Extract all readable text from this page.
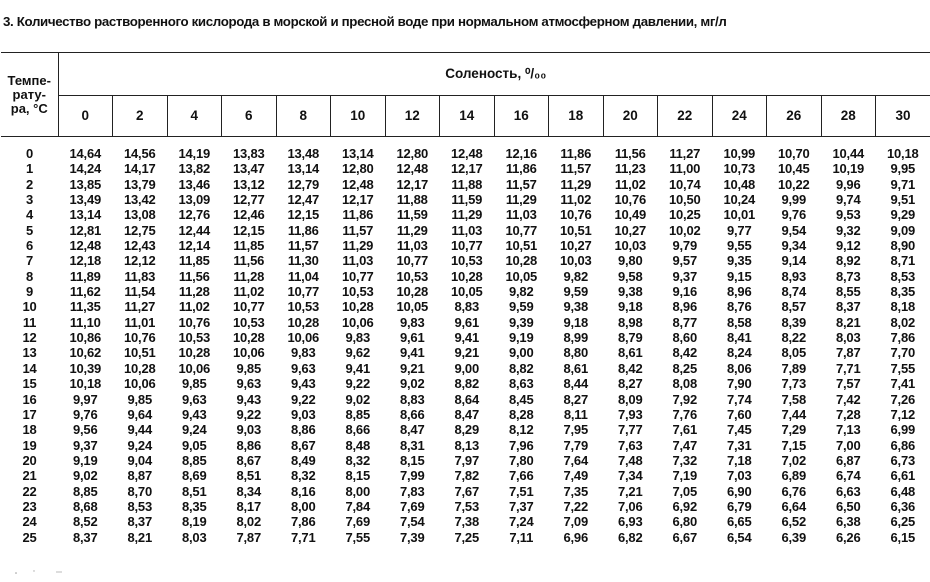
3. Количество растворенного кислорода в морской и пресной воде при нормальном атмосферном давлении, мг/л
Темпе-
рату-
ра, °С	Соленость, ⁰/₀₀															
	0	2	4	6	8	10	12	14	16	18	20	22	24	26	28	30
0	14,64	14,56	14,19	13,83	13,48	13,14	12,80	12,48	12,16	11,86	11,56	11,27	10,99	10,70	10,44	10,18
1	14,24	14,17	13,82	13,47	13,14	12,80	12,48	12,17	11,86	11,57	11,23	11,00	10,73	10,45	10,19	9,95
2	13,85	13,79	13,46	13,12	12,79	12,48	12,17	11,88	11,57	11,29	11,02	10,74	10,48	10,22	9,96	9,71
3	13,49	13,42	13,09	12,77	12,47	12,17	11,88	11,59	11,29	11,02	10,76	10,50	10,24	9,99	9,74	9,51
4	13,14	13,08	12,76	12,46	12,15	11,86	11,59	11,29	11,03	10,76	10,49	10,25	10,01	9,76	9,53	9,29
5	12,81	12,75	12,44	12,15	11,86	11,57	11,29	11,03	10,77	10,51	10,27	10,02	9,77	9,54	9,32	9,09
6	12,48	12,43	12,14	11,85	11,57	11,29	11,03	10,77	10,51	10,27	10,03	9,79	9,55	9,34	9,12	8,90
7	12,18	12,12	11,85	11,56	11,30	11,03	10,77	10,53	10,28	10,03	9,80	9,57	9,35	9,14	8,92	8,71
8	11,89	11,83	11,56	11,28	11,04	10,77	10,53	10,28	10,05	9,82	9,58	9,37	9,15	8,93	8,73	8,53
9	11,62	11,54	11,28	11,02	10,77	10,53	10,28	10,05	9,82	9,59	9,38	9,16	8,96	8,74	8,55	8,35
10	11,35	11,27	11,02	10,77	10,53	10,28	10,05	8,83	9,59	9,38	9,18	8,96	8,76	8,57	8,37	8,18
11	11,10	11,01	10,76	10,53	10,28	10,06	9,83	9,61	9,39	9,18	8,98	8,77	8,58	8,39	8,21	8,02
12	10,86	10,76	10,53	10,28	10,06	9,83	9,61	9,41	9,19	8,99	8,79	8,60	8,41	8,22	8,03	7,86
13	10,62	10,51	10,28	10,06	9,83	9,62	9,41	9,21	9,00	8,80	8,61	8,42	8,24	8,05	7,87	7,70
14	10,39	10,28	10,06	9,85	9,63	9,41	9,21	9,00	8,82	8,61	8,42	8,25	8,06	7,89	7,71	7,55
15	10,18	10,06	9,85	9,63	9,43	9,22	9,02	8,82	8,63	8,44	8,27	8,08	7,90	7,73	7,57	7,41
16	9,97	9,85	9,63	9,43	9,22	9,02	8,83	8,64	8,45	8,27	8,09	7,92	7,74	7,58	7,42	7,26
17	9,76	9,64	9,43	9,22	9,03	8,85	8,66	8,47	8,28	8,11	7,93	7,76	7,60	7,44	7,28	7,12
18	9,56	9,44	9,24	9,03	8,86	8,66	8,47	8,29	8,12	7,95	7,77	7,61	7,45	7,29	7,13	6,99
19	9,37	9,24	9,05	8,86	8,67	8,48	8,31	8,13	7,96	7,79	7,63	7,47	7,31	7,15	7,00	6,86
20	9,19	9,04	8,85	8,67	8,49	8,32	8,15	7,97	7,80	7,64	7,48	7,32	7,18	7,02	6,87	6,73
21	9,02	8,87	8,69	8,51	8,32	8,15	7,99	7,82	7,66	7,49	7,34	7,19	7,03	6,89	6,74	6,61
22	8,85	8,70	8,51	8,34	8,16	8,00	7,83	7,67	7,51	7,35	7,21	7,05	6,90	6,76	6,63	6,48
23	8,68	8,53	8,35	8,17	8,00	7,84	7,69	7,53	7,37	7,22	7,06	6,92	6,79	6,64	6,50	6,36
24	8,52	8,37	8,19	8,02	7,86	7,69	7,54	7,38	7,24	7,09	6,93	6,80	6,65	6,52	6,38	6,25
25	8,37	8,21	8,03	7,87	7,71	7,55	7,39	7,25	7,11	6,96	6,82	6,67	6,54	6,39	6,26	6,15
